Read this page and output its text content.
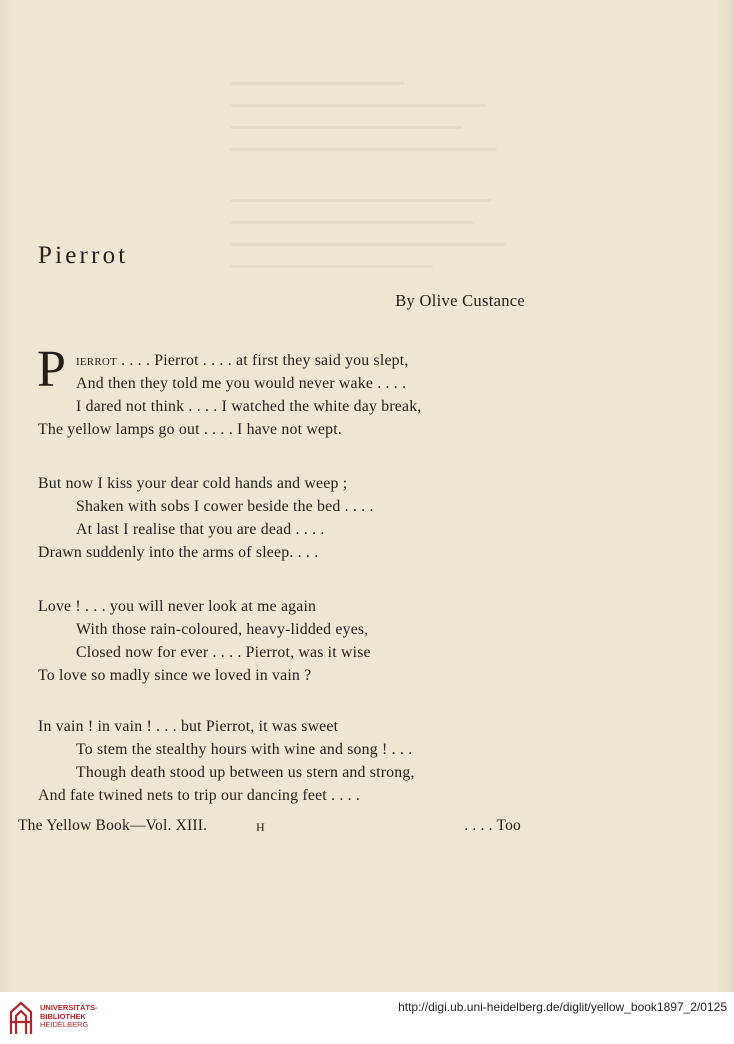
Pierrot
By Olive Custance
P ierrot . . . . Pierrot . . . . at first they said you slept,
And then they told me you would never wake . . . .
I dared not think . . . . I watched the white day break,
The yellow lamps go out . . . . I have not wept.
But now I kiss your dear cold hands and weep ;
Shaken with sobs I cower beside the bed . . . .
At last I realise that you are dead . . . .
Drawn suddenly into the arms of sleep. . . .
Love ! . . . you will never look at me again
With those rain-coloured, heavy-lidded eyes,
Closed now for ever . . . . Pierrot, was it wise
To love so madly since we loved in vain ?
In vain ! in vain ! . . . but Pierrot, it was sweet
To stem the stealthy hours with wine and song ! . . .
Though death stood up between us stern and strong,
And fate twined nets to trip our dancing feet . . . .
The Yellow Book—Vol. XIII.	H	. . . . Too
UNIVERSITÄTS-
BIBLIOTHEK
HEIDELBERG
http://digi.ub.uni-heidelberg.de/diglit/yellow_book1897_2/0125
